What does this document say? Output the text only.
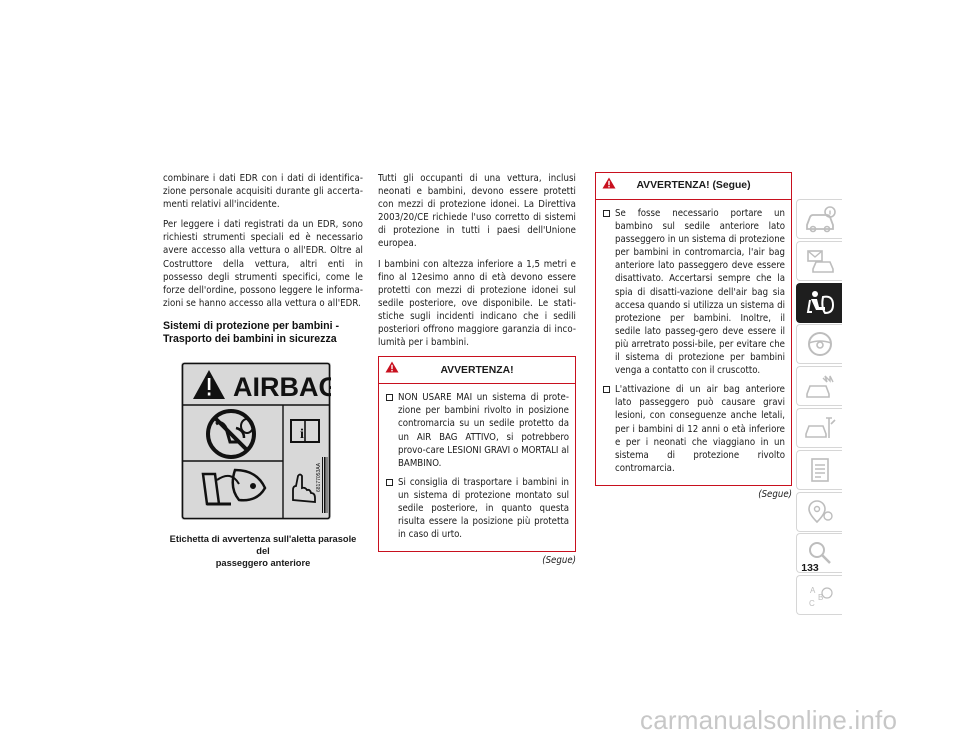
combinare i dati EDR con i dati di identifica-zione personale acquisiti durante gli accerta-menti relativi all'incidente.

Per leggere i dati registrati da un EDR, sono richiesti strumenti speciali ed è necessario avere accesso alla vettura o all'EDR. Oltre al Costruttore della vettura, altri enti in possesso degli strumenti specifici, come le forze dell'ordine, possono leggere le informa-zioni se hanno accesso alla vettura o all'EDR.

Sistemi di protezione per bambini -
Trasporto dei bambini in sicurezza
AIRBAG
i
68177053AA
Etichetta di avvertenza sull'aletta parasole del
passeggero anteriore

Tutti gli occupanti di una vettura, inclusi neonati e bambini, devono essere protetti con mezzi di protezione idonei. La Direttiva 2003/20/CE richiede l'uso corretto di sistemi di protezione in tutti i paesi dell'Unione europea.

I bambini con altezza inferiore a 1,5 metri e fino al 12esimo anno di età devono essere protetti con mezzi di protezione idonei sul sedile posteriore, ove disponibile. Le stati-stiche sugli incidenti indicano che i sedili posteriori offrono maggiore garanzia di inco-lumità per i bambini.

AVVERTENZA!
NON USARE MAI un sistema di prote-zione per bambini rivolto in posizione contromarcia su un sedile protetto da un AIR BAG ATTIVO, si potrebbero provo-care LESIONI GRAVI o MORTALI al BAMBINO.
Si consiglia di trasportare i bambini in un sistema di protezione montato sul sedile posteriore, in quanto questa risulta essere la posizione più protetta in caso di urto.
(Segue)
AVVERTENZA! (Segue)
Se fosse necessario portare un bambino sul sedile anteriore lato passeggero in un sistema di protezione per bambini in contromarcia, l'air bag anteriore lato passeggero deve essere disattivato. Accertarsi sempre che la spia di disatti-vazione dell'air bag sia accesa quando si utilizza un sistema di protezione per bambini. Inoltre, il sedile lato passeg-gero deve essere il più arretrato possi-bile, per evitare che il sistema di protezione per bambini venga a contatto con il cruscotto.
L'attivazione di un air bag anteriore lato passeggero può causare gravi lesioni, con conseguenze anche letali, per i bambini di 12 anni o età inferiore e per i neonati che viaggiano in un sistema di protezione rivolto contromarcia.
(Segue)
A
B
C
133
carmanualsonline.info
